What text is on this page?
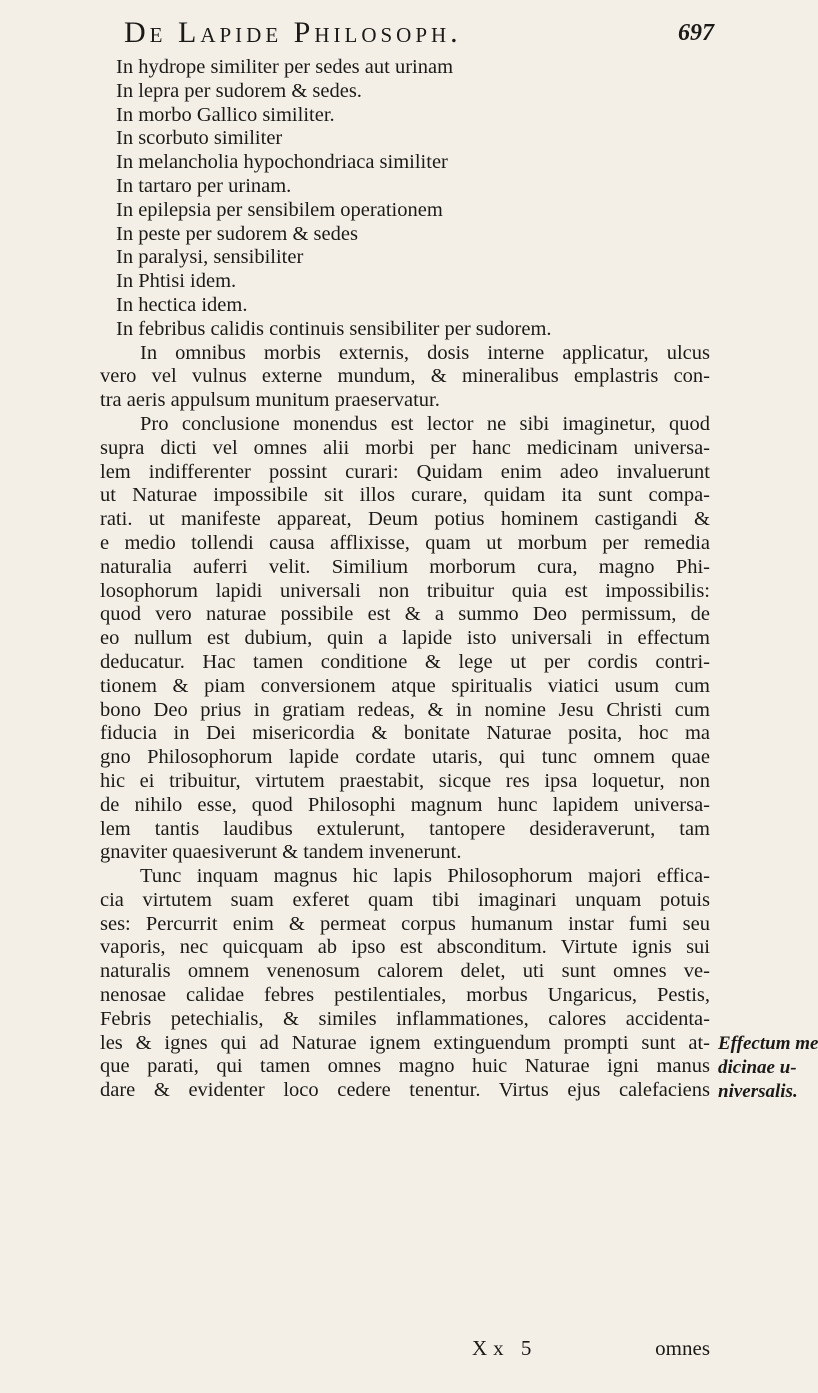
De Lapide Philosoph.	697
In hydrope similiter per sedes aut urinam
In lepra per sudorem & sedes.
In morbo Gallico similiter.
In scorbuto similiter
In melancholia hypochondriaca similiter
In tartaro per urinam.
In epilepsia per sensibilem operationem
In peste per sudorem & sedes
In paralysi, sensibiliter
In Phtisi idem.
In hectica idem.
In febribus calidis continuis sensibiliter per sudorem.
In omnibus morbis externis, dosis interne applicatur, ulcus
vero vel vulnus externe mundum, & mineralibus emplastris con-
tra aeris appulsum munitum praeservatur.
Pro conclusione monendus est lector ne sibi imaginetur, quod
supra dicti vel omnes alii morbi per hanc medicinam universa-
lem indifferenter possint curari: Quidam enim adeo invaluerunt
ut Naturae impossibile sit illos curare, quidam ita sunt compa-
rati. ut manifeste appareat, Deum potius hominem castigandi &
e medio tollendi causa afflixisse, quam ut morbum per remedia
naturalia auferri velit. Similium morborum cura, magno Phi-
losophorum lapidi universali non tribuitur quia est impossibilis:
quod vero naturae possibile est & a summo Deo permissum, de
eo nullum est dubium, quin a lapide isto universali in effectum
deducatur. Hac tamen conditione & lege ut per cordis contri-
tionem & piam conversionem atque spiritualis viatici usum cum
bono Deo prius in gratiam redeas, & in nomine Jesu Christi cum
fiducia in Dei misericordia & bonitate Naturae posita, hoc ma
gno Philosophorum lapide cordate utaris, qui tunc omnem quae
hic ei tribuitur, virtutem praestabit, sicque res ipsa loquetur, non
de nihilo esse, quod Philosophi magnum hunc lapidem universa-
lem tantis laudibus extulerunt, tantopere desideraverunt, tam
gnaviter quaesiverunt & tandem invenerunt.
Tunc inquam magnus hic lapis Philosophorum majori effica-
cia virtutem suam exferet quam tibi imaginari unquam potuis
ses: Percurrit enim & permeat corpus humanum instar fumi seu
vaporis, nec quicquam ab ipso est absconditum. Virtute ignis sui
naturalis omnem venenosum calorem delet, uti sunt omnes ve-
nenosae calidae febres pestilentiales, morbus Ungaricus, Pestis,
Febris petechialis, & similes inflammationes, calores accidenta-
les & ignes qui ad Naturae ignem extinguendum prompti sunt at-
que parati, qui tamen omnes magno huic Naturae igni manus
dare & evidenter loco cedere tenentur. Virtus ejus calefaciens
Effectum me
dicinae u-
niversalis.
Xx 5	omnes
